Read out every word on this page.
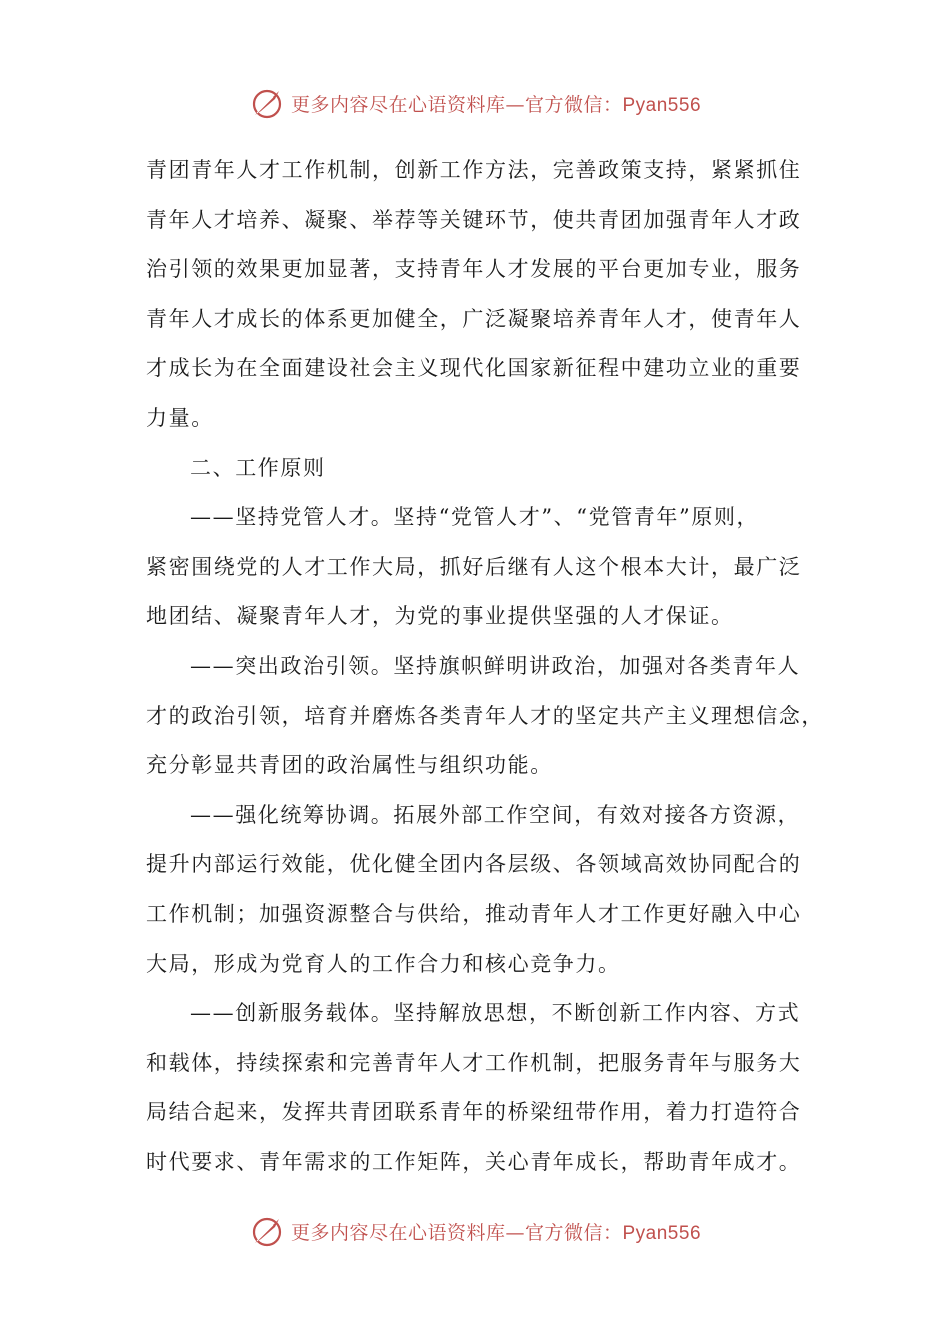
更多内容尽在心语资料库—官方微信：Pyan556
青团青年人才工作机制，创新工作方法，完善政策支持，紧紧抓住
青年人才培养、凝聚、举荐等关键环节，使共青团加强青年人才政
治引领的效果更加显著，支持青年人才发展的平台更加专业，服务
青年人才成长的体系更加健全，广泛凝聚培养青年人才，使青年人
才成长为在全面建设社会主义现代化国家新征程中建功立业的重要
力量。
二、工作原则
——坚持党管人才。坚持“党管人才”、“党管青年”原则，
紧密围绕党的人才工作大局，抓好后继有人这个根本大计，最广泛
地团结、凝聚青年人才，为党的事业提供坚强的人才保证。
——突出政治引领。坚持旗帜鲜明讲政治，加强对各类青年人
才的政治引领，培育并磨炼各类青年人才的坚定共产主义理想信念，
充分彰显共青团的政治属性与组织功能。
——强化统筹协调。拓展外部工作空间，有效对接各方资源，
提升内部运行效能，优化健全团内各层级、各领域高效协同配合的
工作机制；加强资源整合与供给，推动青年人才工作更好融入中心
大局，形成为党育人的工作合力和核心竞争力。
——创新服务载体。坚持解放思想，不断创新工作内容、方式
和载体，持续探索和完善青年人才工作机制，把服务青年与服务大
局结合起来，发挥共青团联系青年的桥梁纽带作用，着力打造符合
时代要求、青年需求的工作矩阵，关心青年成长，帮助青年成才。
更多内容尽在心语资料库—官方微信：Pyan556
